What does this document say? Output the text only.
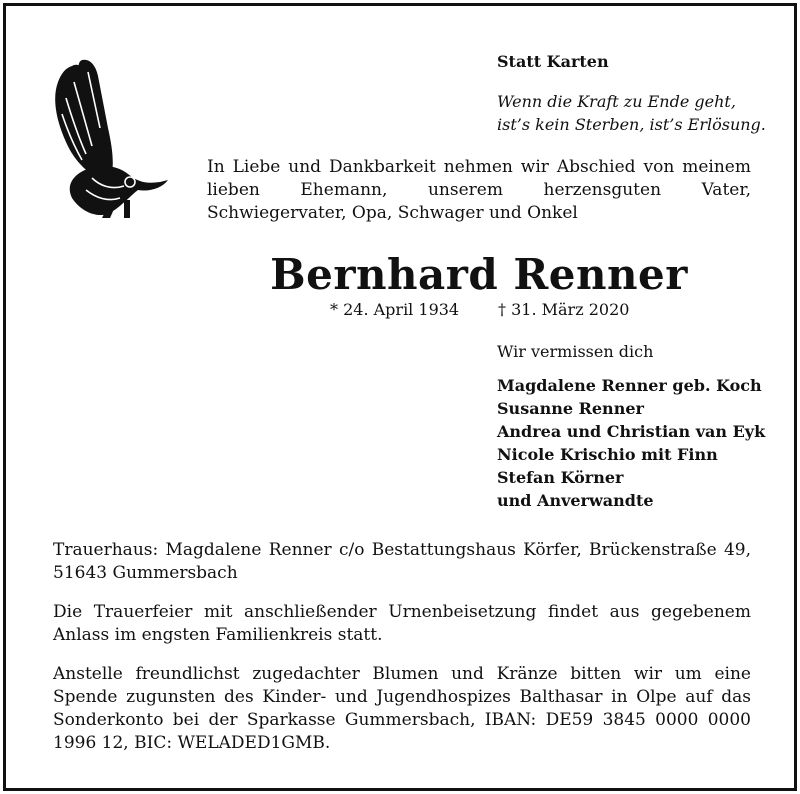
Statt Karten
Wenn die Kraft zu Ende geht,
ist’s kein Sterben, ist’s Erlösung.
In Liebe und Dankbarkeit nehmen wir Abschied von meinem lieben Ehemann, unserem herzensguten Vater, Schwiegervater, Opa, Schwager und Onkel
Bernhard Renner
* 24. April 1934 † 31. März 2020
Wir vermissen dich
Magdalene Renner geb. Koch
Susanne Renner
Andrea und Christian van Eyk
Nicole Krischio mit Finn
Stefan Körner
und Anverwandte
Trauerhaus: Magdalene Renner c/o Bestattungshaus Körfer, Brückenstraße 49, 51643 Gummersbach
Die Trauerfeier mit anschließender Urnenbeisetzung findet aus gegebenem Anlass im engsten Familienkreis statt.
Anstelle freundlichst zugedachter Blumen und Kränze bitten wir um eine Spende zugunsten des Kinder- und Jugendhospizes Balthasar in Olpe auf das Sonderkonto bei der Sparkasse Gummersbach, IBAN: DE59 3845 0000 0000 1996 12, BIC: WELADED1GMB.
